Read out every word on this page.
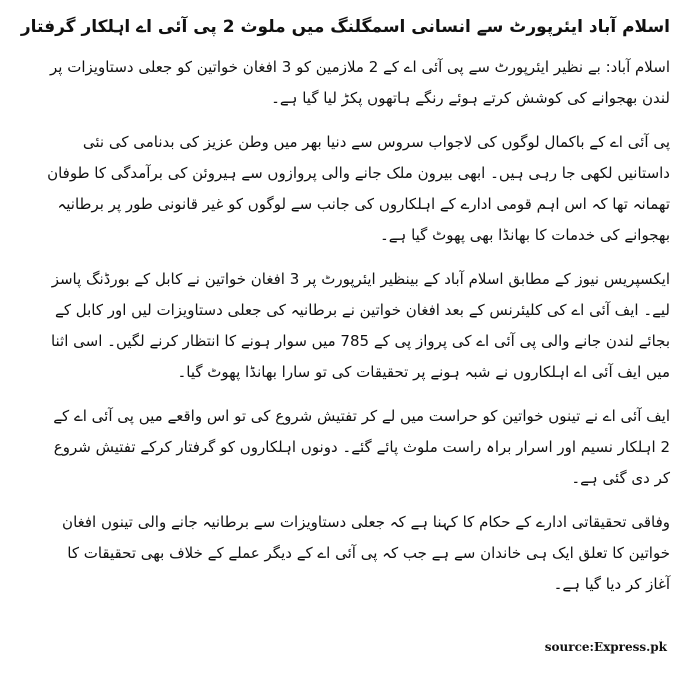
اسلام آباد ایئرپورٹ سے انسانی اسمگلنگ میں ملوث 2 پی آئی اے اہلکار گرفتار

اسلام آباد: بے نظیر ایئرپورٹ سے پی آئی اے کے 2 ملازمین کو 3 افغان خواتین کو جعلی دستاویزات پر لندن بھجوانے کی کوشش کرتے ہوئے رنگے ہاتھوں پکڑ لیا گیا ہے۔

پی آئی اے کے باکمال لوگوں کی لاجواب سروس سے دنیا بھر میں وطن عزیز کی بدنامی کی نئی داستانیں لکھی جا رہی ہیں۔ ابھی بیرون ملک جانے والی پروازوں سے ہیروئن کی برآمدگی کا طوفان تھمانہ تھا کہ اس اہم قومی ادارے کے اہلکاروں کی جانب سے لوگوں کو غیر قانونی طور پر برطانیہ بھجوانے کی خدمات کا بھانڈا بھی پھوٹ گیا ہے۔

ایکسپریس نیوز کے مطابق اسلام آباد کے بینظیر ایئرپورٹ پر 3 افغان خواتین نے کابل کے بورڈنگ پاسز لیے۔ ایف آئی اے کی کلیئرنس کے بعد افغان خواتین نے برطانیہ کی جعلی دستاویزات لیں اور کابل کے بجائے لندن جانے والی پی آئی اے کی پرواز پی کے 785 میں سوار ہونے کا انتظار کرنے لگیں۔ اسی اثنا میں ایف آئی اے اہلکاروں نے شبہ ہونے پر تحقیقات کی تو سارا بھانڈا پھوٹ گیا۔

ایف آئی اے نے تینوں خواتین کو حراست میں لے کر تفتیش شروع کی تو اس واقعے میں پی آئی اے کے 2 اہلکار نسیم اور اسرار براہ راست ملوث پائے گئے۔ دونوں اہلکاروں کو گرفتار کرکے تفتیش شروع کر دی گئی ہے۔

وفاقی تحقیقاتی ادارے کے حکام کا کہنا ہے کہ جعلی دستاویزات سے برطانیہ جانے والی تینوں افغان خواتین کا تعلق ایک ہی خاندان سے ہے جب کہ پی آئی اے کے دیگر عملے کے خلاف بھی تحقیقات کا آغاز کر دیا گیا ہے۔

source:Express.pk
